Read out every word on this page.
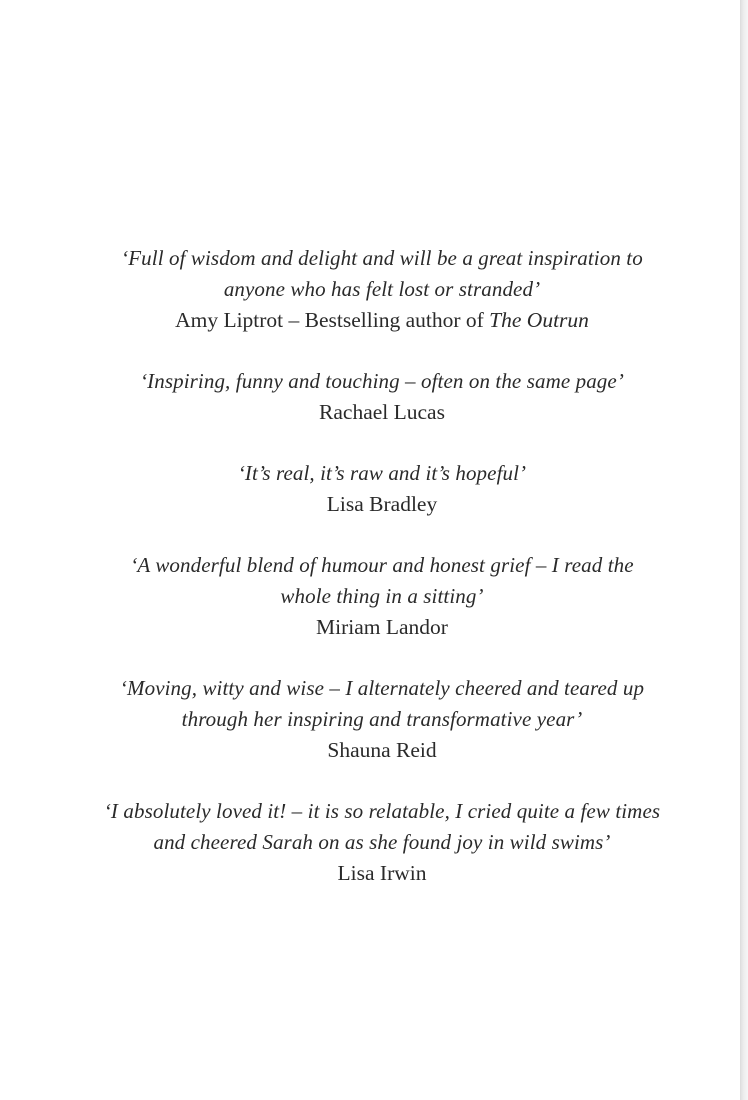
‘Full of wisdom and delight and will be a great inspiration to
anyone who has felt lost or stranded’

Amy Liptrot – Bestselling author of The Outrun

‘Inspiring, funny and touching – often on the same page’

Rachael Lucas

‘It’s real, it’s raw and it’s hopeful’

Lisa Bradley

‘A wonderful blend of humour and honest grief – I read the
whole thing in a sitting’

Miriam Landor

‘Moving, witty and wise – I alternately cheered and teared up
through her inspiring and transformative year’

Shauna Reid

‘I absolutely loved it! – it is so relatable, I cried quite a few times
and cheered Sarah on as she found joy in wild swims’

Lisa Irwin
